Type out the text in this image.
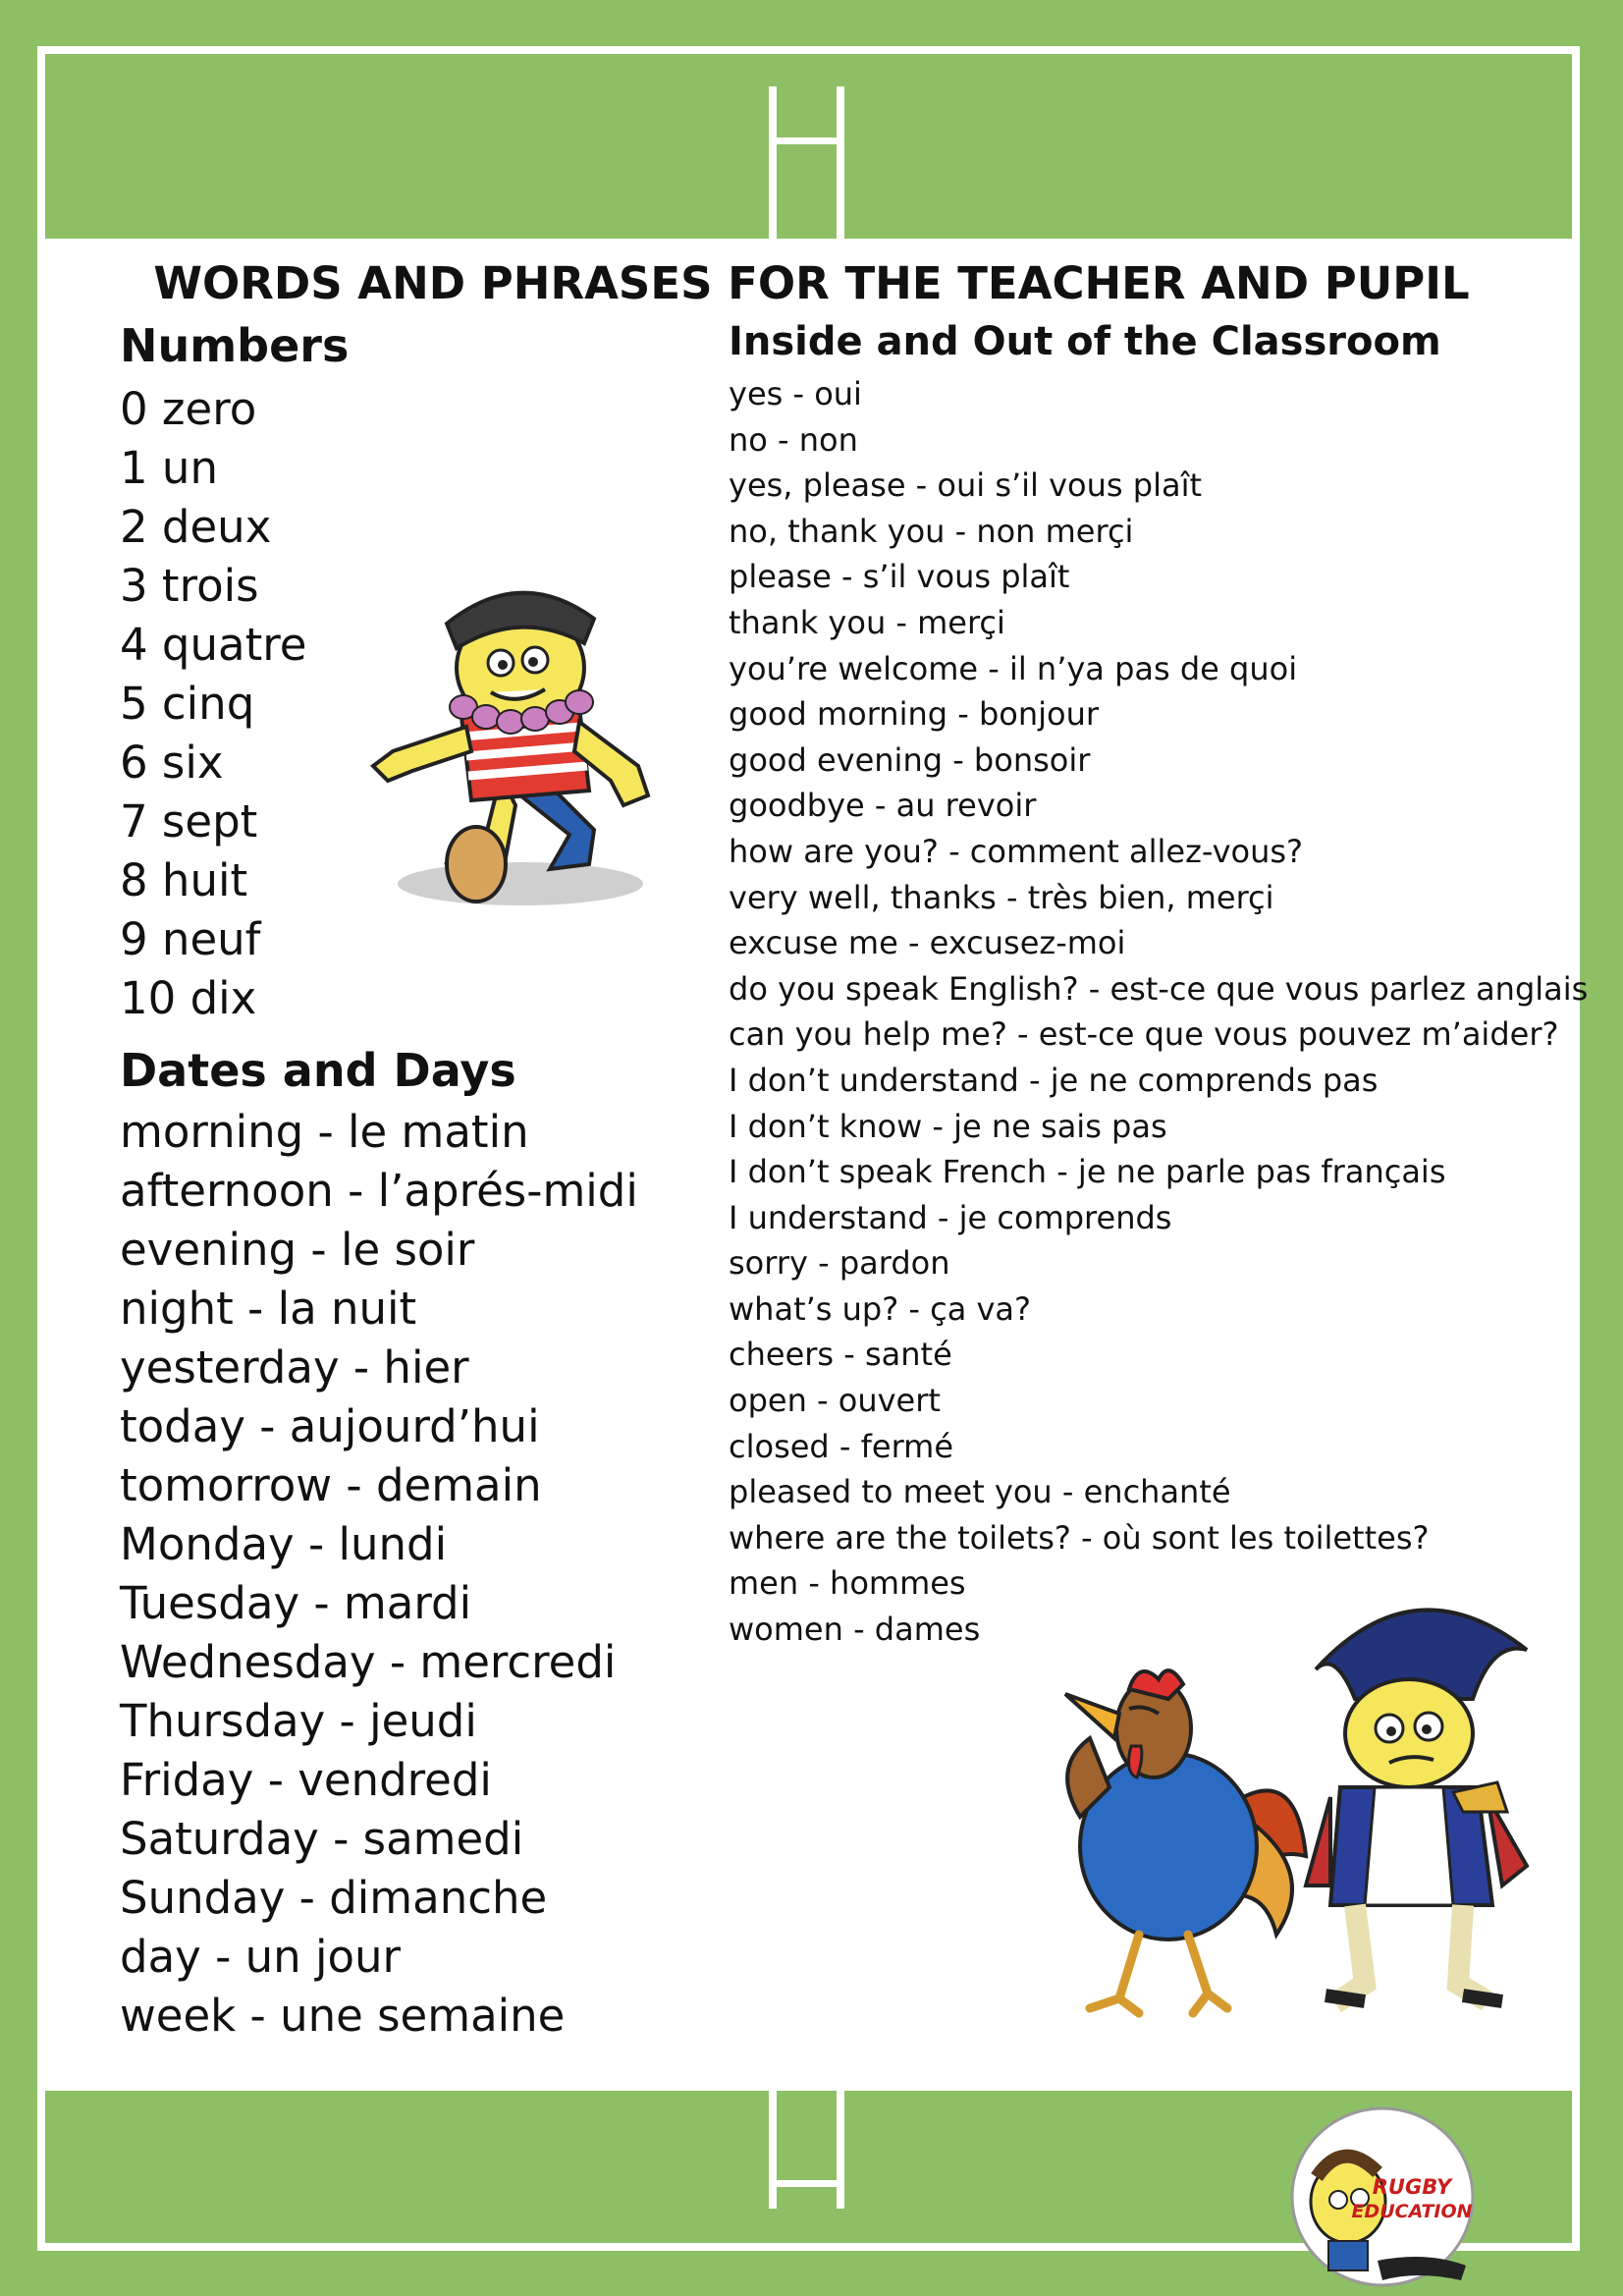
WORDS AND PHRASES FOR THE TEACHER AND PUPIL
Numbers
0 zero
1 un
2 deux
3 trois
4 quatre
5 cinq
6 six
7 sept
8 huit
9 neuf
10 dix
Dates and Days
morning - le matin
afternoon - l’aprés-midi
evening - le soir
night - la nuit
yesterday - hier
today - aujourd’hui
tomorrow - demain
Monday - lundi
Tuesday - mardi
Wednesday - mercredi
Thursday - jeudi
Friday - vendredi
Saturday - samedi
Sunday - dimanche
day - un jour
week - une semaine
Inside and Out of the Classroom
yes - oui
no - non
yes, please - oui s’il vous plaît
no, thank you - non merçi
please - s’il vous plaît
thank you - merçi
you’re welcome - il n’ya pas de quoi
good morning - bonjour
good evening - bonsoir
goodbye - au revoir
how are you? - comment allez-vous?
very well, thanks - très bien, merçi
excuse me - excusez-moi
do you speak English? - est-ce que vous parlez anglais
can you help me? - est-ce que vous pouvez m’aider?
I don’t understand - je ne comprends pas
I don’t know - je ne sais pas
I don’t speak French - je ne parle pas français
I understand - je comprends
sorry - pardon
what’s up? - ça va?
cheers - santé
open - ouvert
closed - fermé
pleased to meet you - enchanté
where are the toilets? - où sont les toilettes?
men - hommes
women - dames
RUGBY
EDUCATION
